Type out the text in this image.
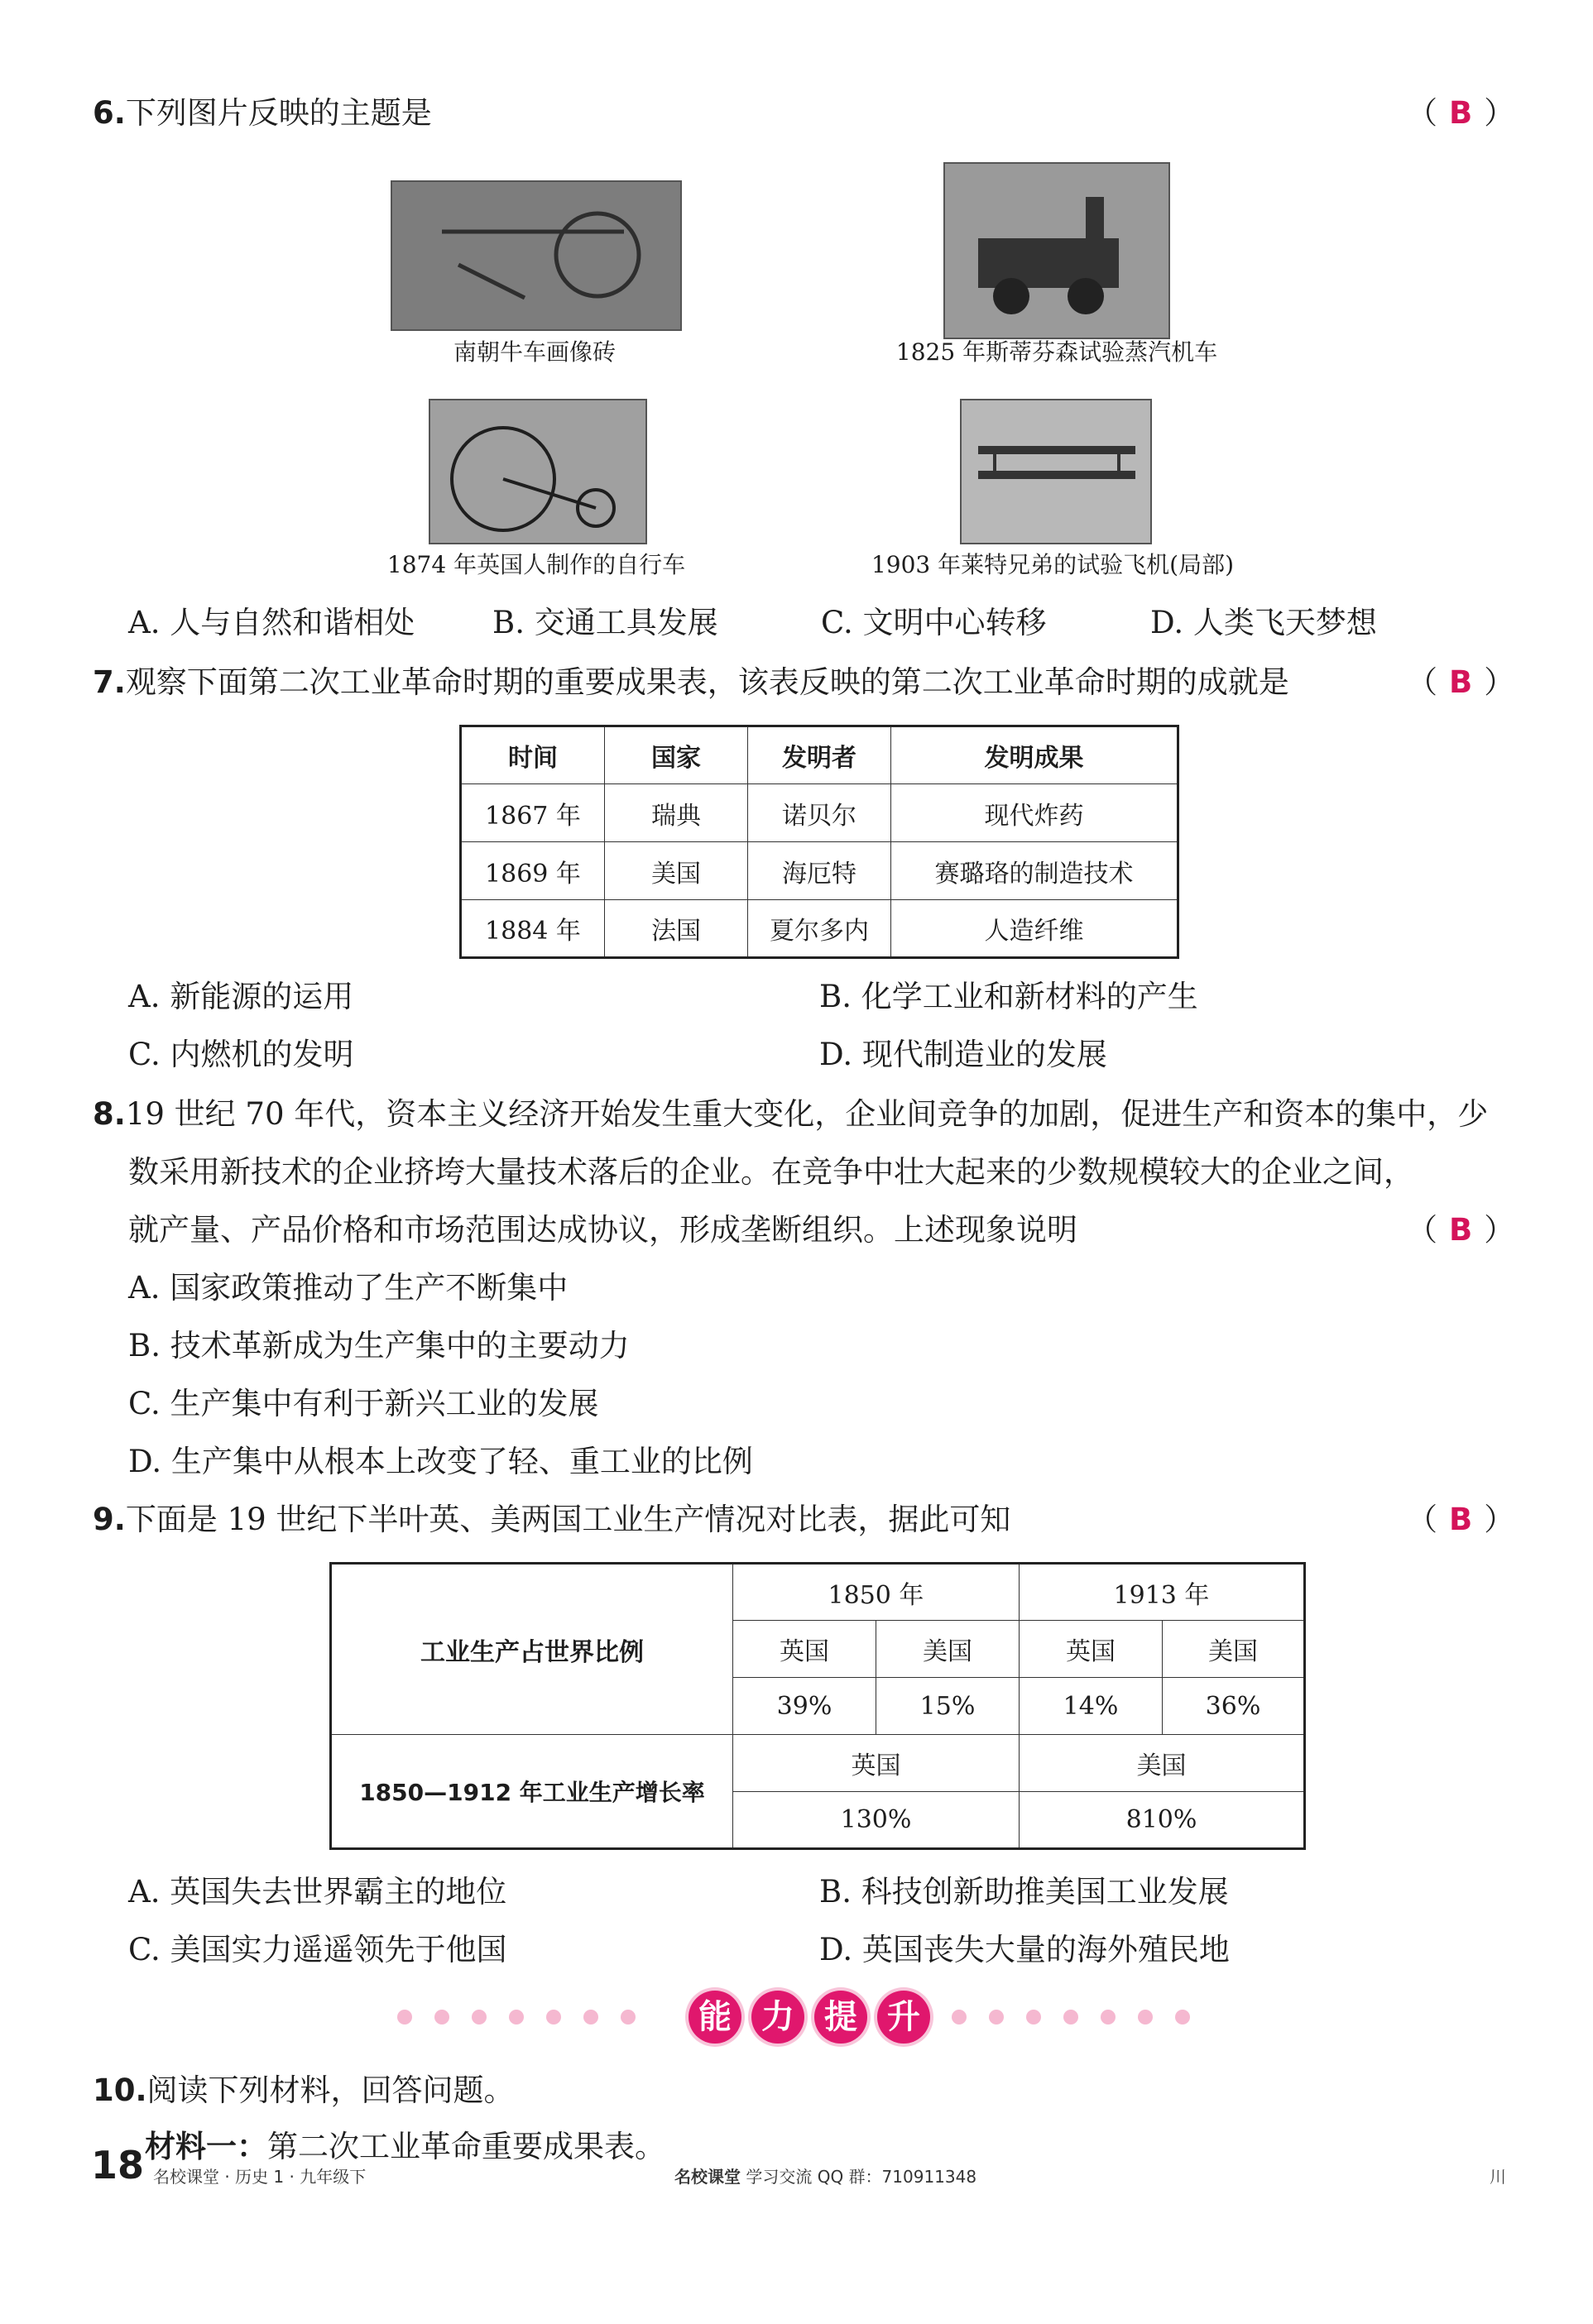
6.下列图片反映的主题是	（ B ）
南朝牛车画像砖	1825 年斯蒂芬森试验蒸汽机车
1874 年英国人制作的自行车	1903 年莱特兄弟的试验飞机(局部)
A. 人与自然和谐相处	B. 交通工具发展	C. 文明中心转移	D. 人类飞天梦想
7.观察下面第二次工业革命时期的重要成果表，该表反映的第二次工业革命时期的成就是	（ B ）
时间	国家	发明者	发明成果
1867 年	瑞典	诺贝尔	现代炸药
1869 年	美国	海厄特	赛璐珞的制造技术
1884 年	法国	夏尔多内	人造纤维
A. 新能源的运用	B. 化学工业和新材料的产生
C. 内燃机的发明	D. 现代制造业的发展
8.19 世纪 70 年代，资本主义经济开始发生重大变化，企业间竞争的加剧，促进生产和资本的集中，少
数采用新技术的企业挤垮大量技术落后的企业。在竞争中壮大起来的少数规模较大的企业之间，
就产量、产品价格和市场范围达成协议，形成垄断组织。上述现象说明	（ B ）
A. 国家政策推动了生产不断集中
B. 技术革新成为生产集中的主要动力
C. 生产集中有利于新兴工业的发展
D. 生产集中从根本上改变了轻、重工业的比例
9.下面是 19 世纪下半叶英、美两国工业生产情况对比表，据此可知	（ B ）
工业生产占世界比例	1850 年		1913 年	
	英国	美国	英国	美国
	39%	15%	14%	36%
1850—1912 年工业生产增长率	英国		美国	
	130%		810%	
A. 英国失去世界霸主的地位	B. 科技创新助推美国工业发展
C. 美国实力遥遥领先于他国	D. 英国丧失大量的海外殖民地
能 力 提 升
10.阅读下列材料，回答问题。
材料一：第二次工业革命重要成果表。
18 名校课堂 · 历史 1 · 九年级下	名校课堂 学习交流 QQ 群：710911348	川
